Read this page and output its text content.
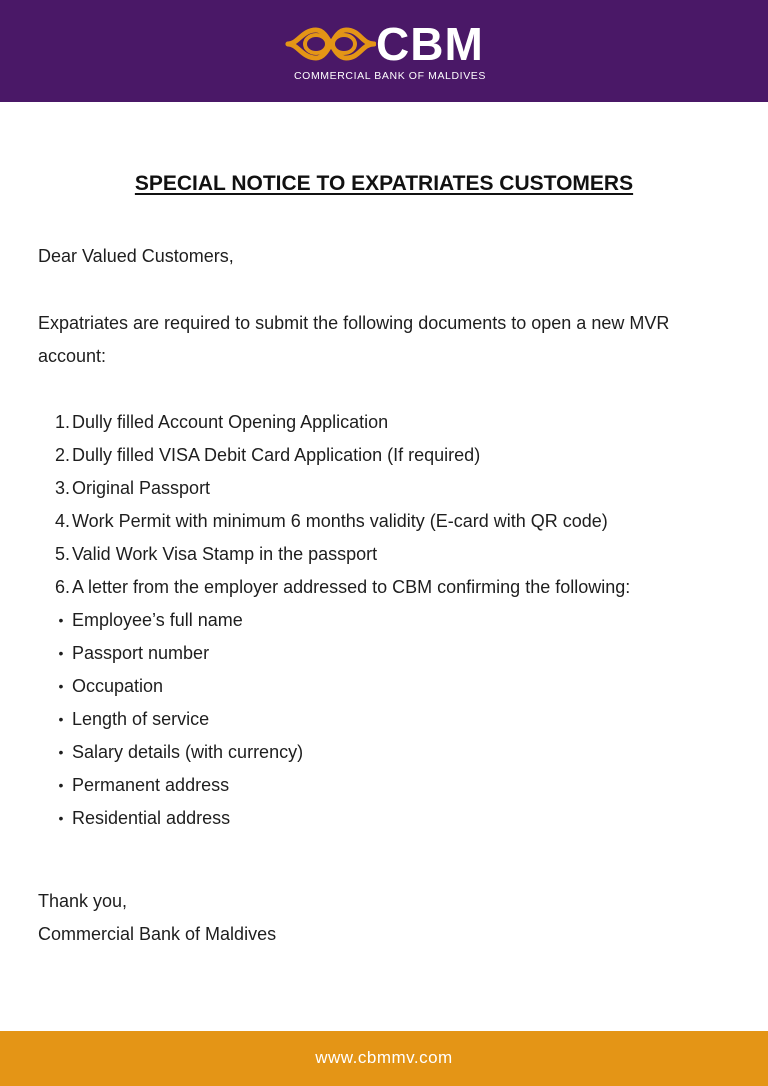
CBM
COMMERCIAL BANK OF MALDIVES
SPECIAL NOTICE TO EXPATRIATES CUSTOMERS

Dear Valued Customers,

Expatriates are required to submit the following documents to open a new MVR account:

1. Dully filled Account Opening Application
2. Dully filled VISA Debit Card Application (If required)
3. Original Passport
4. Work Permit with minimum 6 months validity (E-card with QR code)
5. Valid Work Visa Stamp in the passport
6. A letter from the employer addressed to CBM confirming the following:
• Employee’s full name
• Passport number
• Occupation
• Length of service
• Salary details (with currency)
• Permanent address
• Residential address
Thank you,
Commercial Bank of Maldives
www.cbmmv.com
